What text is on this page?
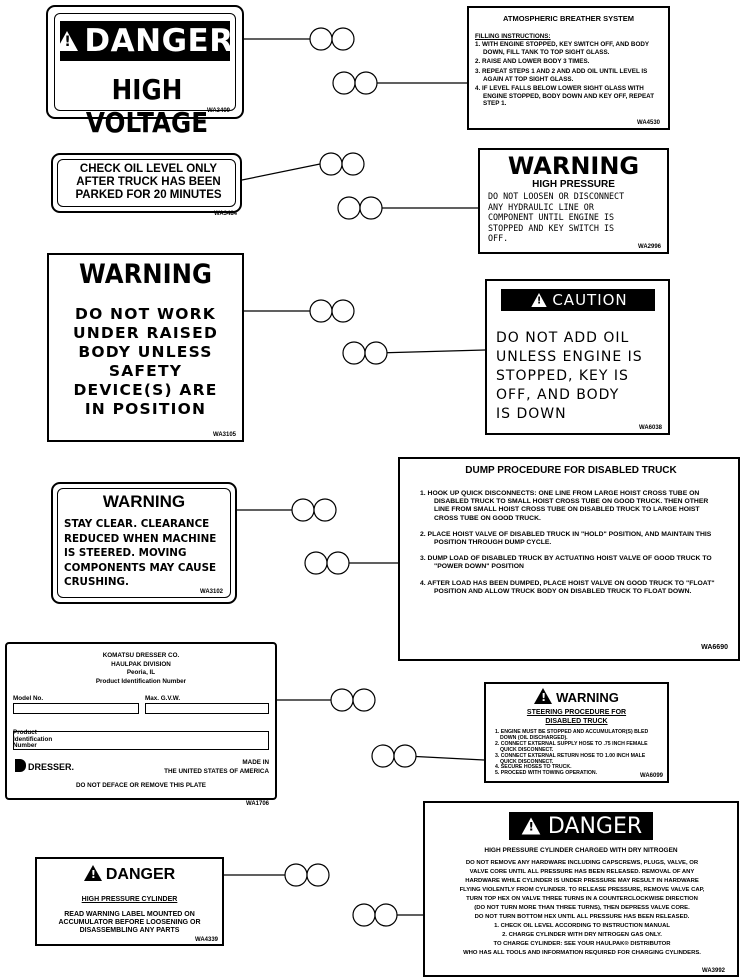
!
DANGER
HIGH VOLTAGE
WA3409
ATMOSPHERIC BREATHER SYSTEM
FILLING INSTRUCTIONS:
1. WITH ENGINE STOPPED, KEY SWITCH OFF, AND BODY DOWN, FILL TANK TO TOP SIGHT GLASS.
2. RAISE AND LOWER BODY 3 TIMES.
3. REPEAT STEPS 1 AND 2 AND ADD OIL UNTIL LEVEL IS AGAIN AT TOP SIGHT GLASS.
4. IF LEVEL FALLS BELOW LOWER SIGHT GLASS WITH ENGINE STOPPED, BODY DOWN AND KEY OFF, REPEAT STEP 1.
WA4530
CHECK OIL LEVEL ONLY
AFTER TRUCK HAS BEEN
PARKED FOR 20 MINUTES
WA3484
WARNING
HIGH PRESSURE
DO NOT LOOSEN OR DISCONNECT
ANY HYDRAULIC LINE OR
COMPONENT UNTIL ENGINE IS
STOPPED AND KEY SWITCH IS
OFF.
WA2996
WARNING
DO NOT WORK
UNDER RAISED
BODY UNLESS
SAFETY
DEVICE(S) ARE
IN POSITION
WA3105
!
CAUTION
DO NOT ADD OIL
UNLESS ENGINE IS
STOPPED, KEY IS
OFF, AND BODY
IS DOWN
WA6038
DUMP PROCEDURE FOR DISABLED TRUCK
1. HOOK UP QUICK DISCONNECTS: ONE LINE FROM LARGE HOIST CROSS TUBE ON DISABLED TRUCK TO SMALL HOIST CROSS TUBE ON GOOD TRUCK. THEN OTHER LINE FROM SMALL HOIST CROSS TUBE ON DISABLED TRUCK TO LARGE HOIST CROSS TUBE ON GOOD TRUCK.
2. PLACE HOIST VALVE OF DISABLED TRUCK IN "HOLD" POSITION, AND MAINTAIN THIS POSITION THROUGH DUMP CYCLE.
3. DUMP LOAD OF DISABLED TRUCK BY ACTUATING HOIST VALVE OF GOOD TRUCK TO "POWER DOWN" POSITION
4. AFTER LOAD HAS BEEN DUMPED, PLACE HOIST VALVE ON GOOD TRUCK TO "FLOAT" POSITION AND ALLOW TRUCK BODY ON DISABLED TRUCK TO FLOAT DOWN.
WA6690
WARNING
STAY CLEAR. CLEARANCE
REDUCED WHEN MACHINE
IS STEERED. MOVING
COMPONENTS MAY CAUSE
CRUSHING.
WA3102
KOMATSU DRESSER CO.
HAULPAK DIVISION
Peoria, IL
Product Identification Number
Model No.	Max. G.V.W.
Product Identification Number
DRESSER.	MADE IN
THE UNITED STATES OF AMERICA
DO NOT DEFACE OR REMOVE THIS PLATE
WA1706
!WARNING
STEERING PROCEDURE FOR
DISABLED TRUCK
1. ENGINE MUST BE STOPPED AND ACCUMULATOR(S) BLED DOWN (OIL DISCHARGED).
2. CONNECT EXTERNAL SUPPLY HOSE TO .75 INCH FEMALE QUICK DISCONNECT.
3. CONNECT EXTERNAL RETURN HOSE TO 1.00 INCH MALE QUICK DISCONNECT.
4. SECURE HOSES TO TRUCK.
5. PROCEED WITH TOWING OPERATION.	WA6099
!
DANGER
HIGH PRESSURE CYLINDER CHARGED WITH DRY NITROGEN
DO NOT REMOVE ANY HARDWARE INCLUDING CAPSCREWS, PLUGS, VALVE, OR
VALVE CORE UNTIL ALL PRESSURE HAS BEEN RELEASED. REMOVAL OF ANY
HARDWARE WHILE CYLINDER IS UNDER PRESSURE MAY RESULT IN HARDWARE
FLYING VIOLENTLY FROM CYLINDER. TO RELEASE PRESSURE, REMOVE VALVE CAP,
TURN TOP HEX ON VALVE THREE TURNS IN A COUNTERCLOCKWISE DIRECTION
(DO NOT TURN MORE THAN THREE TURNS), THEN DEPRESS VALVE CORE.
DO NOT TURN BOTTOM HEX UNTIL ALL PRESSURE HAS BEEN RELEASED.
1. CHECK OIL LEVEL ACCORDING TO INSTRUCTION MANUAL
2. CHARGE CYLINDER WITH DRY NITROGEN GAS ONLY.
TO CHARGE CYLINDER: SEE YOUR HAULPAK® DISTRIBUTOR
WHO HAS ALL TOOLS AND INFORMATION REQUIRED FOR CHARGING CYLINDERS.
WA3992
!DANGER
HIGH PRESSURE CYLINDER
READ WARNING LABEL MOUNTED ON
ACCUMULATOR BEFORE LOOSENING OR
DISASSEMBLING ANY PARTS
WA4339
